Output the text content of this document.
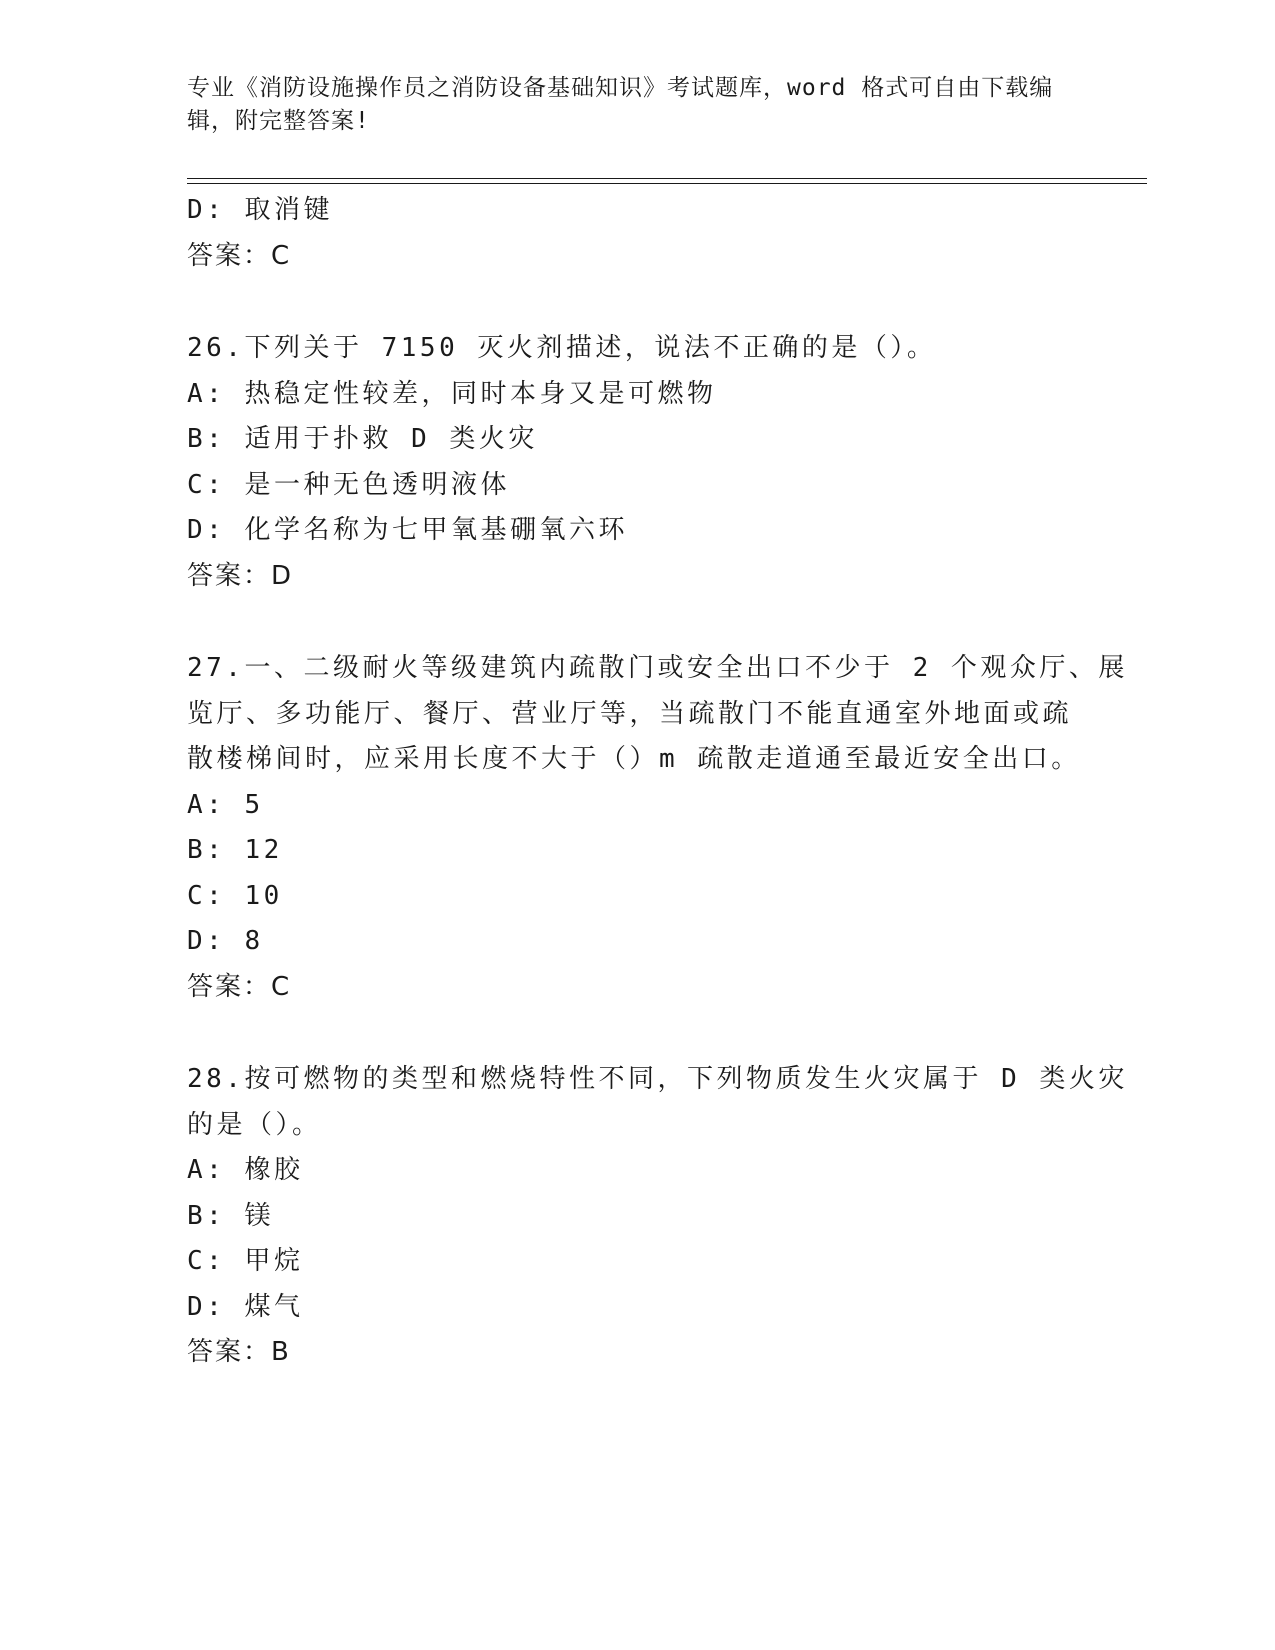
专业《消防设施操作员之消防设备基础知识》考试题库，word 格式可自由下载编
辑，附完整答案!
D: 取消键
答案：C
26.下列关于 7150 灭火剂描述，说法不正确的是（）。
A: 热稳定性较差，同时本身又是可燃物
B: 适用于扑救 D 类火灾
C: 是一种无色透明液体
D: 化学名称为七甲氧基硼氧六环
答案：D
27.一、二级耐火等级建筑内疏散门或安全出口不少于 2 个观众厅、展
览厅、多功能厅、餐厅、营业厅等，当疏散门不能直通室外地面或疏
散楼梯间时，应采用长度不大于（）m 疏散走道通至最近安全出口。
A: 5
B: 12
C: 10
D: 8
答案：C
28.按可燃物的类型和燃烧特性不同，下列物质发生火灾属于 D 类火灾
的是（）。
A: 橡胶
B: 镁
C: 甲烷
D: 煤气
答案：B
